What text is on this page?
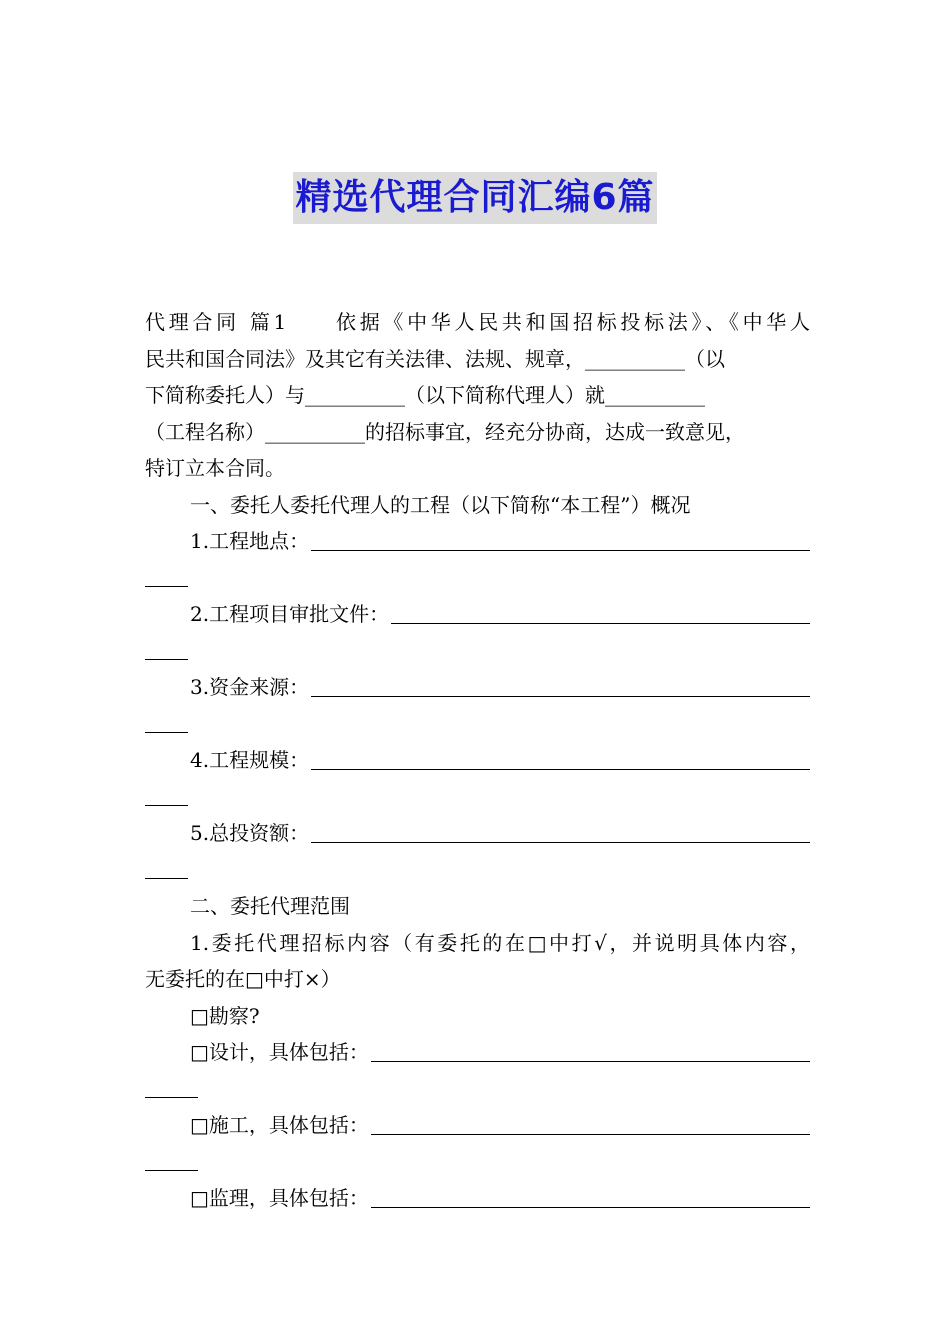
精选代理合同汇编6篇

代理合同 篇1 依据《中华人民共和国招标投标法》、《中华人

民共和国合同法》及其它有关法律、法规、规章，__________（以

下简称委托人）与__________（以下简称代理人）就__________

（工程名称）__________的招标事宜，经充分协商，达成一致意见，

特订立本合同。

一、委托人委托代理人的工程（以下简称“本工程”）概况

1.工程地点：
2.工程项目审批文件：
3.资金来源：
4.工程规模：
5.总投资额：

二、委托代理范围

1.委托代理招标内容（有委托的在□中打√，并说明具体内容，

无委托的在□中打×）

□勘察?

□设计，具体包括：
□施工，具体包括：
□监理，具体包括：
